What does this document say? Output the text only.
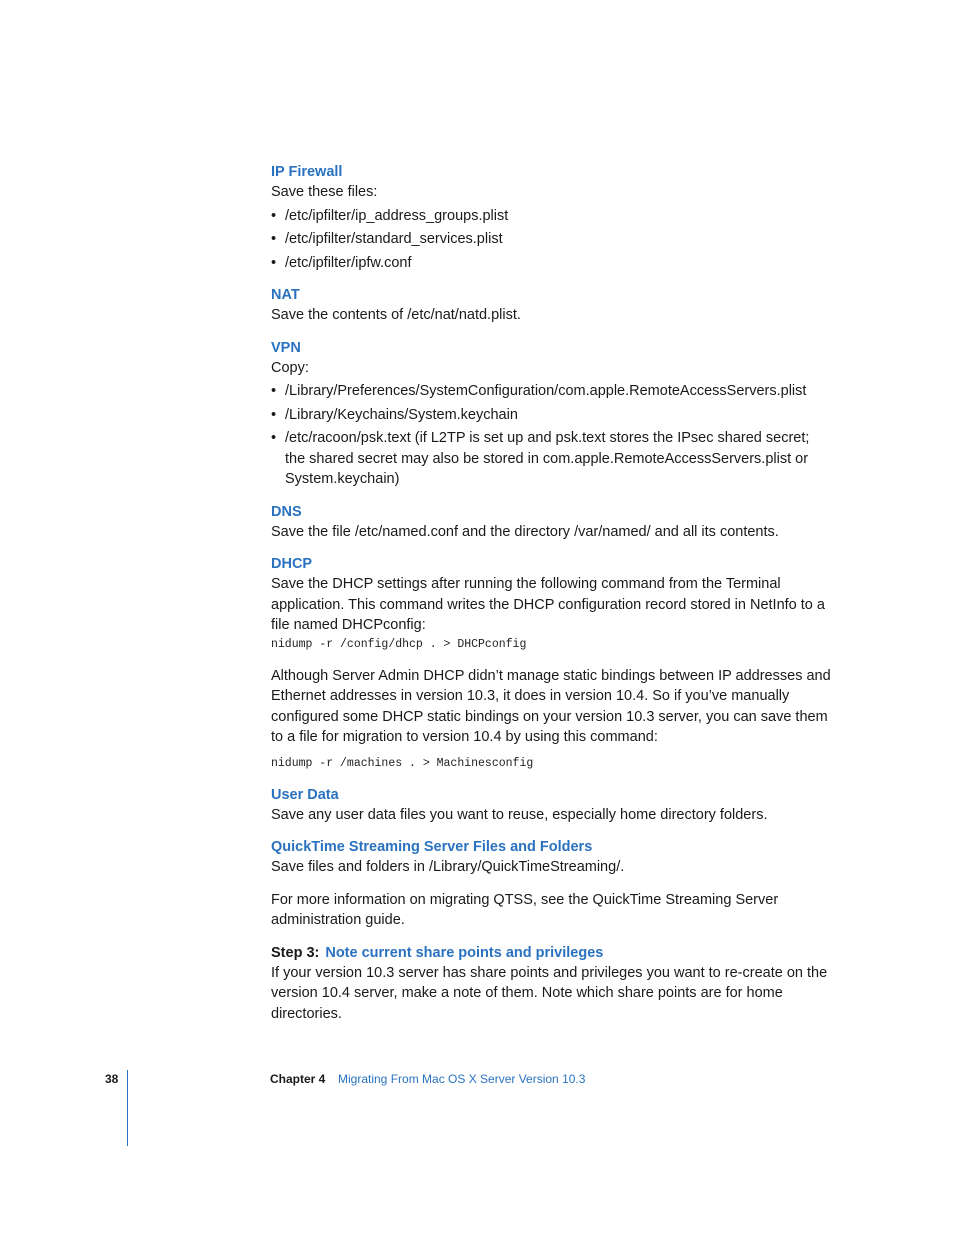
IP Firewall

Save these files:

• /etc/ipfilter/ip_address_groups.plist

• /etc/ipfilter/standard_services.plist

• /etc/ipfilter/ipfw.conf

NAT

Save the contents of /etc/nat/natd.plist.

VPN

Copy:

• /Library/Preferences/SystemConfiguration/com.apple.RemoteAccessServers.plist

• /Library/Keychains/System.keychain

• /etc/racoon/psk.text (if L2TP is set up and psk.text stores the IPsec shared secret; the shared secret may also be stored in com.apple.RemoteAccessServers.plist or System.keychain)

DNS

Save the file /etc/named.conf and the directory /var/named/ and all its contents.

DHCP

Save the DHCP settings after running the following command from the Terminal application. This command writes the DHCP configuration record stored in NetInfo to a file named DHCPconfig:

nidump -r /config/dhcp . > DHCPconfig

Although Server Admin DHCP didn’t manage static bindings between IP addresses and Ethernet addresses in version 10.3, it does in version 10.4. So if you’ve manually configured some DHCP static bindings on your version 10.3 server, you can save them to a file for migration to version 10.4 by using this command:

nidump -r /machines . > Machinesconfig
User Data

Save any user data files you want to reuse, especially home directory folders.

QuickTime Streaming Server Files and Folders

Save files and folders in /Library/QuickTimeStreaming/.

For more information on migrating QTSS, see the QuickTime Streaming Server administration guide.

Step 3: Note current share points and privileges

If your version 10.3 server has share points and privileges you want to re-create on the version 10.4 server, make a note of them. Note which share points are for home directories.

38	Chapter 4 Migrating From Mac OS X Server Version 10.3
